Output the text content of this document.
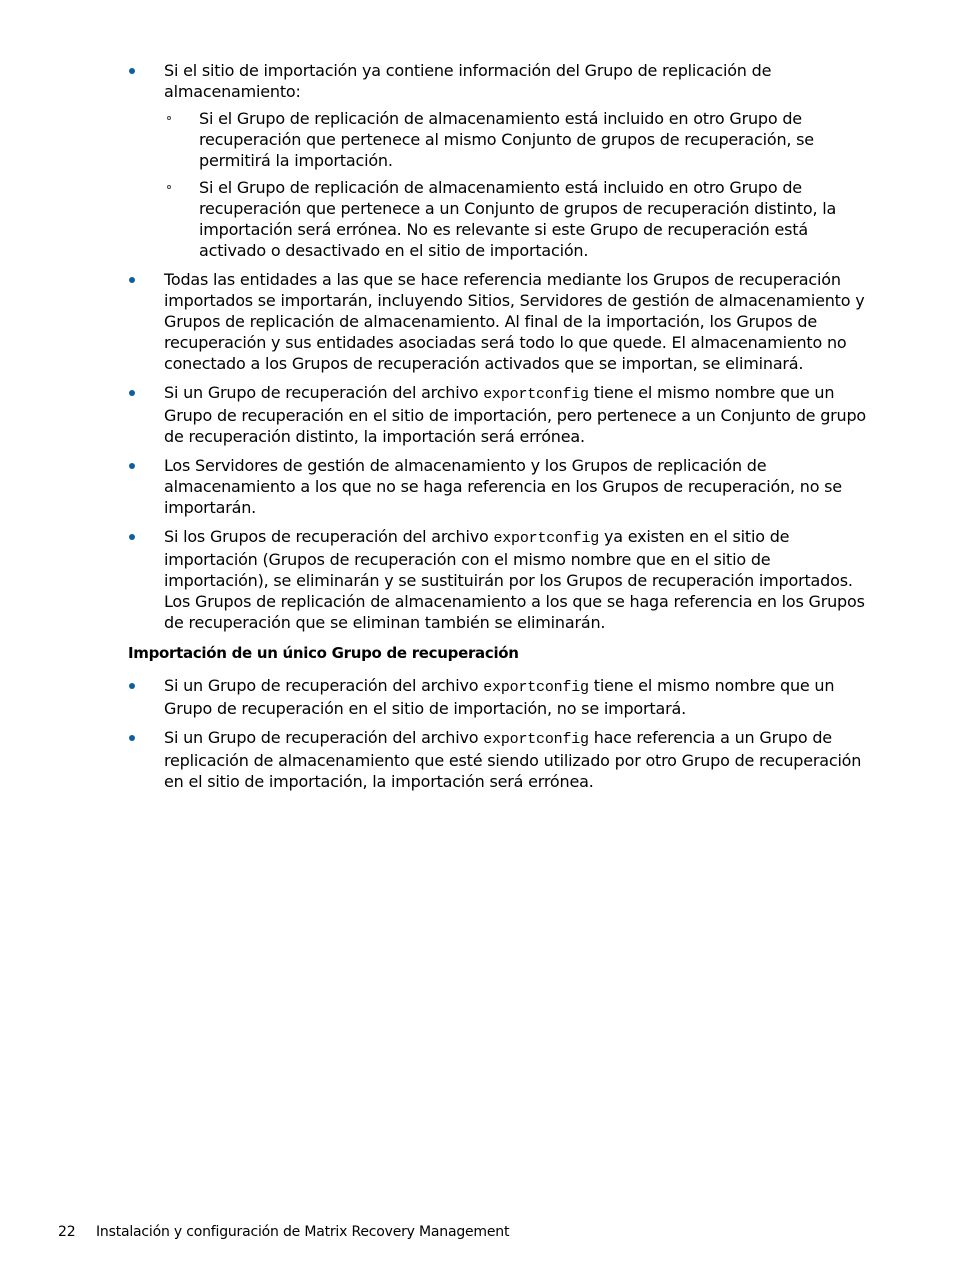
Si el sitio de importación ya contiene información del Grupo de replicación de almacenamiento:
Si el Grupo de replicación de almacenamiento está incluido en otro Grupo de recuperación que pertenece al mismo Conjunto de grupos de recuperación, se permitirá la importación.
Si el Grupo de replicación de almacenamiento está incluido en otro Grupo de recuperación que pertenece a un Conjunto de grupos de recuperación distinto, la importación será errónea. No es relevante si este Grupo de recuperación está activado o desactivado en el sitio de importación.
Todas las entidades a las que se hace referencia mediante los Grupos de recuperación importados se importarán, incluyendo Sitios, Servidores de gestión de almacenamiento y Grupos de replicación de almacenamiento. Al final de la importación, los Grupos de recuperación y sus entidades asociadas será todo lo que quede. El almacenamiento no conectado a los Grupos de recuperación activados que se importan, se eliminará.
Si un Grupo de recuperación del archivo exportconfig tiene el mismo nombre que un Grupo de recuperación en el sitio de importación, pero pertenece a un Conjunto de grupo de recuperación distinto, la importación será errónea.
Los Servidores de gestión de almacenamiento y los Grupos de replicación de almacenamiento a los que no se haga referencia en los Grupos de recuperación, no se importarán.
Si los Grupos de recuperación del archivo exportconfig ya existen en el sitio de importación (Grupos de recuperación con el mismo nombre que en el sitio de importación), se eliminarán y se sustituirán por los Grupos de recuperación importados. Los Grupos de replicación de almacenamiento a los que se haga referencia en los Grupos de recuperación que se eliminan también se eliminarán.
Importación de un único Grupo de recuperación
Si un Grupo de recuperación del archivo exportconfig tiene el mismo nombre que un Grupo de recuperación en el sitio de importación, no se importará.
Si un Grupo de recuperación del archivo exportconfig hace referencia a un Grupo de replicación de almacenamiento que esté siendo utilizado por otro Grupo de recuperación en el sitio de importación, la importación será errónea.
22 Instalación y configuración de Matrix Recovery Management
